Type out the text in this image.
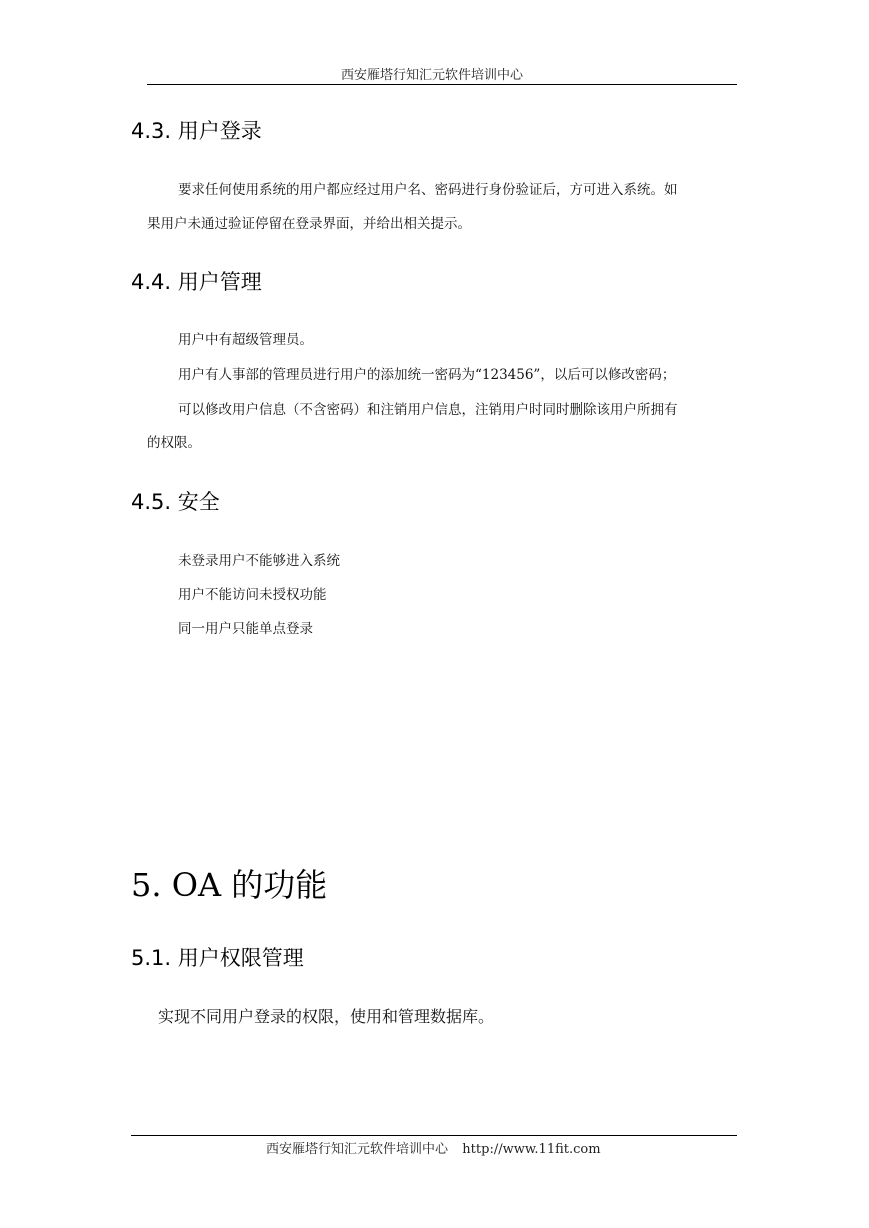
西安雁塔行知汇元软件培训中心
4.3. 用户登录
要求任何使用系统的用户都应经过用户名、密码进行身份验证后，方可进入系统。如
果用户未通过验证停留在登录界面，并给出相关提示。
4.4. 用户管理
用户中有超级管理员。
用户有人事部的管理员进行用户的添加统一密码为“123456”，以后可以修改密码；
可以修改用户信息（不含密码）和注销用户信息，注销用户时同时删除该用户所拥有
的权限。
4.5. 安全
未登录用户不能够进入系统
用户不能访问未授权功能
同一用户只能单点登录
5. OA 的功能
5.1. 用户权限管理
实现不同用户登录的权限，使用和管理数据库。
西安雁塔行知汇元软件培训中心 http://www.11fit.com
